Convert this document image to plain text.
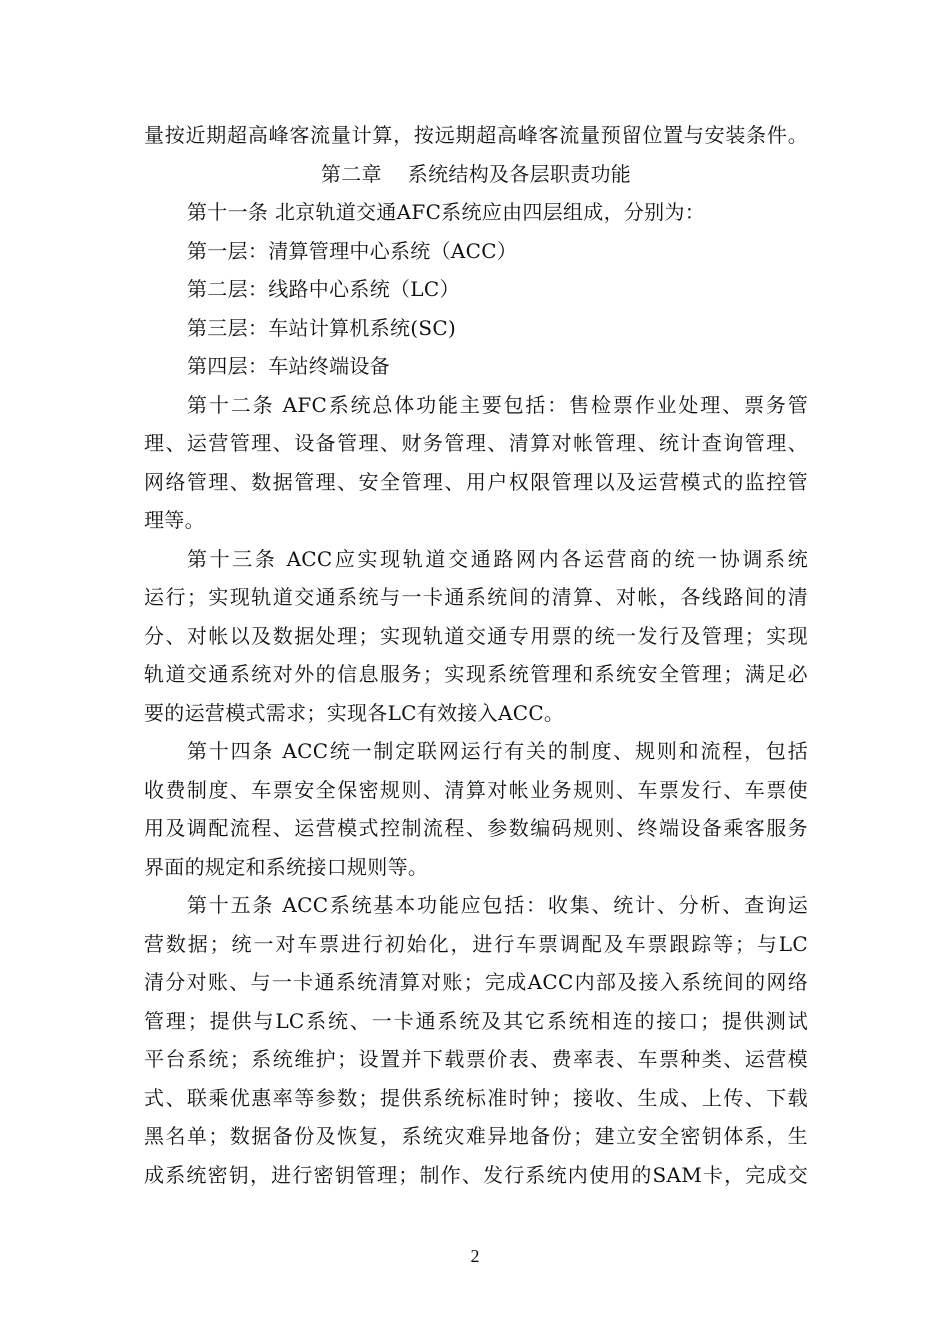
量按近期超高峰客流量计算，按远期超高峰客流量预留位置与安装条件。
第二章 系统结构及各层职责功能
第十一条 北京轨道交通AFC系统应由四层组成，分别为：
第一层：清算管理中心系统（ACC）
第二层：线路中心系统（LC）
第三层：车站计算机系统(SC)
第四层：车站终端设备
第十二条 AFC系统总体功能主要包括：售检票作业处理、票务管
理、运营管理、设备管理、财务管理、清算对帐管理、统计查询管理、
网络管理、数据管理、安全管理、用户权限管理以及运营模式的监控管
理等。
第十三条 ACC应实现轨道交通路网内各运营商的统一协调系统
运行；实现轨道交通系统与一卡通系统间的清算、对帐，各线路间的清
分、对帐以及数据处理；实现轨道交通专用票的统一发行及管理；实现
轨道交通系统对外的信息服务；实现系统管理和系统安全管理；满足必
要的运营模式需求；实现各LC有效接入ACC。
第十四条 ACC统一制定联网运行有关的制度、规则和流程，包括
收费制度、车票安全保密规则、清算对帐业务规则、车票发行、车票使
用及调配流程、运营模式控制流程、参数编码规则、终端设备乘客服务
界面的规定和系统接口规则等。
第十五条 ACC系统基本功能应包括：收集、统计、分析、查询运
营数据；统一对车票进行初始化，进行车票调配及车票跟踪等；与LC
清分对账、与一卡通系统清算对账；完成ACC内部及接入系统间的网络
管理；提供与LC系统、一卡通系统及其它系统相连的接口；提供测试
平台系统；系统维护；设置并下载票价表、费率表、车票种类、运营模
式、联乘优惠率等参数；提供系统标准时钟；接收、生成、上传、下载
黑名单；数据备份及恢复，系统灾难异地备份；建立安全密钥体系，生
成系统密钥，进行密钥管理；制作、发行系统内使用的SAM卡，完成交
2
